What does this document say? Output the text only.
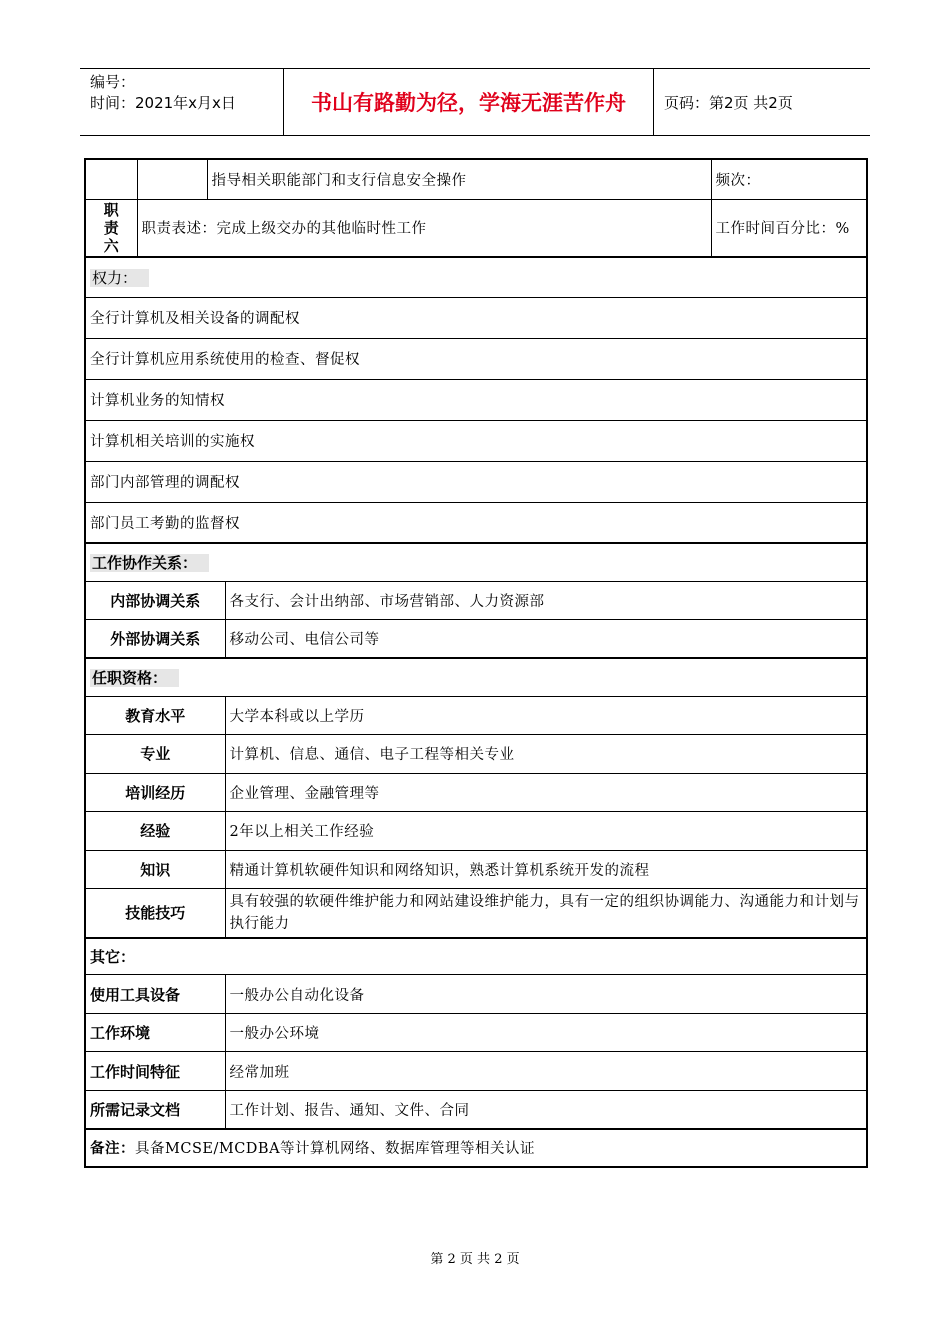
编号：
时间：2021年x月x日	书山有路勤为径，学海无涯苦作舟	页码：第2页 共2页
		指导相关职能部门和支行信息安全操作		频次：

职责六	职责表述：完成上级交办的其他临时性工作			工作时间百分比：%
权力：				
全行计算机及相关设备的调配权				
全行计算机应用系统使用的检查、督促权				
计算机业务的知情权				
计算机相关培训的实施权				
部门内部管理的调配权				
部门员工考勤的监督权				
工作协作关系：				
内部协调关系			各支行、会计出纳部、市场营销部、人力资源部	
外部协调关系			移动公司、电信公司等	
任职资格：				
教育水平			大学本科或以上学历	
专业			计算机、信息、通信、电子工程等相关专业	
培训经历			企业管理、金融管理等	
经验			2年以上相关工作经验	
知识			精通计算机软硬件知识和网络知识，熟悉计算机系统开发的流程	
技能技巧			具有较强的软硬件维护能力和网站建设维护能力，具有一定的组织协调能力、沟通能力和计划与执行能力	
其它：				
使用工具设备			一般办公自动化设备	
工作环境			一般办公环境	
工作时间特征			经常加班	
所需记录文档			工作计划、报告、通知、文件、合同	
备注：具备MCSE/MCDBA等计算机网络、数据库管理等相关认证				
第 2 页 共 2 页
